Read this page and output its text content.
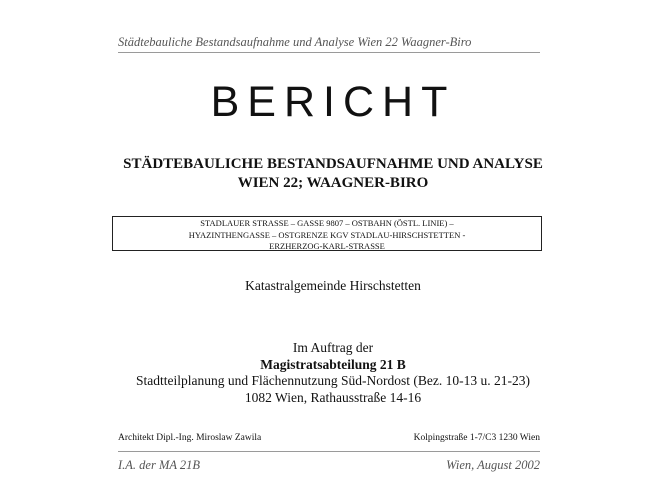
Städtebauliche Bestandsaufnahme und Analyse Wien 22 Waagner-Biro
BERICHT
STÄDTEBAULICHE BESTANDSAUFNAHME UND ANALYSE
WIEN 22; WAAGNER-BIRO
STADLAUER STRASSE – GASSE 9807 – OSTBAHN (ÖSTL. LINIE) –
HYAZINTHENGASSE – OSTGRENZE KGV STADLAU-HIRSCHSTETTEN -
ERZHERZOG-KARL-STRASSE
Katastralgemeinde Hirschstetten
Im Auftrag der
Magistratsabteilung 21 B
Stadtteilplanung und Flächennutzung Süd-Nordost (Bez. 10-13 u. 21-23)
1082 Wien, Rathausstraße 14-16
Architekt Dipl.-Ing. Miroslaw Zawila	Kolpingstraße 1-7/C3 1230 Wien
I.A. der MA 21B	Wien, August 2002
